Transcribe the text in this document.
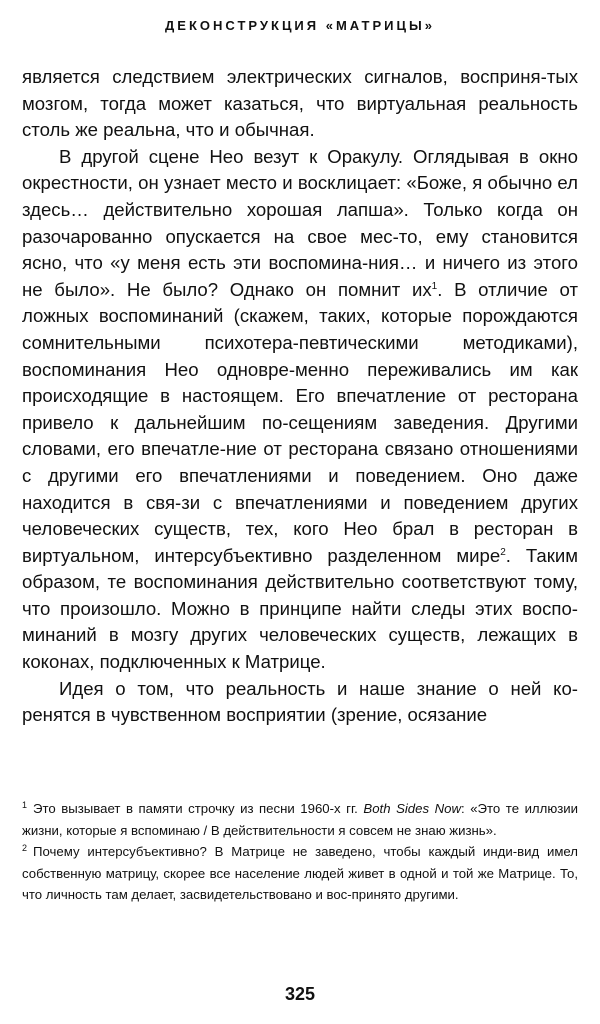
ДЕКОНСТРУКЦИЯ «МАТРИЦЫ»

является следствием электрических сигналов, восприня-тых мозгом, тогда может казаться, что виртуальная реальность столь же реальна, что и обычная.

В другой сцене Нео везут к Оракулу. Оглядывая в окно окрестности, он узнает место и восклицает: «Боже, я обычно ел здесь… действительно хорошая лапша». Только когда он разочарованно опускается на свое мес-то, ему становится ясно, что «у меня есть эти воспомина-ния… и ничего из этого не было». Не было? Однако он помнит $их^1$. В отличие от ложных воспоминаний (скажем, таких, которые порождаются сомнительными психотера-певтическими методиками), воспоминания Нео одновре-менно переживались им как происходящие в настоящем. Его впечатление от ресторана привело к дальнейшим по-сещениям заведения. Другими словами, его впечатле-ние от ресторана связано отношениями с другими его впечатлениями и поведением. Оно даже находится в свя-зи с впечатлениями и поведением других человеческих существ, тех, кого Нео брал в ресторан в виртуальном, интерсубъективно разделенном мире$^2$. Таким образом, те воспоминания действительно соответствуют тому, что произошло. Можно в принципе найти следы этих воспо-минаний в мозгу других человеческих существ, лежащих в коконах, подключенных к Матрице.

Идея о том, что реальность и наше знание о ней ко-ренятся в чувственном восприятии (зрение, осязание

$^1$ Это вызывает в памяти строчку из песни 1960-х гг. Both Sides Now: «Это те иллюзии жизни, которые я вспоминаю / В действительности я совсем не знаю жизнь».

$^2$ Почему интерсубъективно? В Матрице не заведено, чтобы каждый инди-вид имел собственную матрицу, скорее все население людей живет в одной и той же Матрице. То, что личность там делает, засвидетельствовано и вос-принято другими.

325
